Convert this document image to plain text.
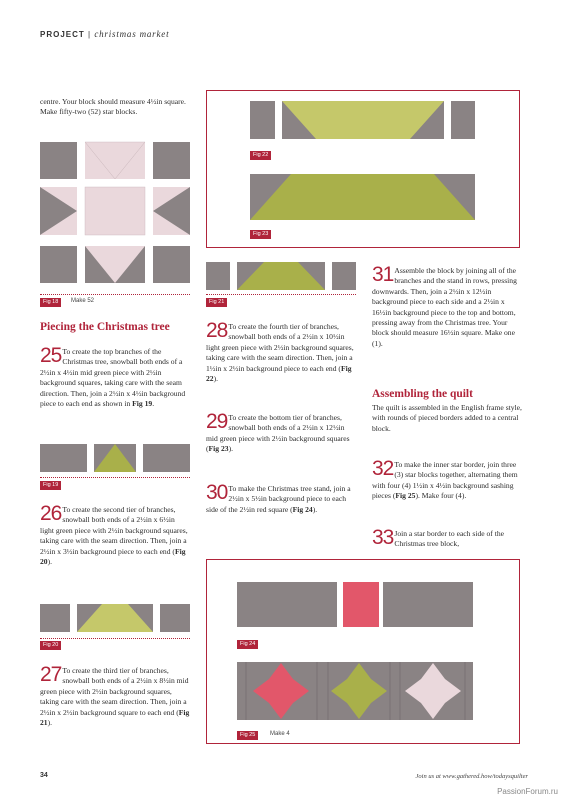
PROJECT | christmas market
centre. Your block should measure 4½in square. Make fifty-two (52) star blocks.
Fig 18	Make 52
Piecing the Christmas tree
25 To create the top branches of the Christmas tree, snowball both ends of a 2½in x 4½in mid green piece with 2½in background squares, taking care with the seam direction. Then, join a 2½in x 4½in background piece to each end as shown in Fig 19.
Fig 19
26 To create the second tier of branches, snowball both ends of a 2½in x 6½in light green piece with 2½in background squares, taking care with the seam direction. Then, join a 2½in x 3½in background piece to each end (Fig 20).
Fig 20
27 To create the third tier of branches, snowball both ends of a 2½in x 8½in mid green piece with 2½in background squares, taking care with the seam direction. Then, join a 2½in x 2½in background square to each end (Fig 21).
Fig 22
Fig 23
Fig 21
28 To create the fourth tier of branches, snowball both ends of a 2½in x 10½in light green piece with 2½in background squares, taking care with the seam direction. Then, join a 1½in x 2½in background piece to each end (Fig 22).
29 To create the bottom tier of branches, snowball both ends of a 2½in x 12½in mid green piece with 2½in background squares (Fig 23).
30 To make the Christmas tree stand, join a 2½in x 5½in background piece to each side of the 2½in red square (Fig 24).
31 Assemble the block by joining all of the branches and the stand in rows, pressing downwards. Then, join a 2½in x 12½in background piece to each side and a 2½in x 16½in background piece to the top and bottom, pressing away from the Christmas tree. Your block should measure 16½in square. Make one (1).
Assembling the quilt
The quilt is assembled in the English frame style, with rounds of pieced borders added to a central block.
32 To make the inner star border, join three (3) star blocks together, alternating them with four (4) 1½in x 4½in background sashing pieces (Fig 25). Make four (4).
33 Join a star border to each side of the Christmas tree block,
Fig 24
Fig 25	Make 4
34	Join us at www.gathered.how/todaysquilter
PassionForum.ru
